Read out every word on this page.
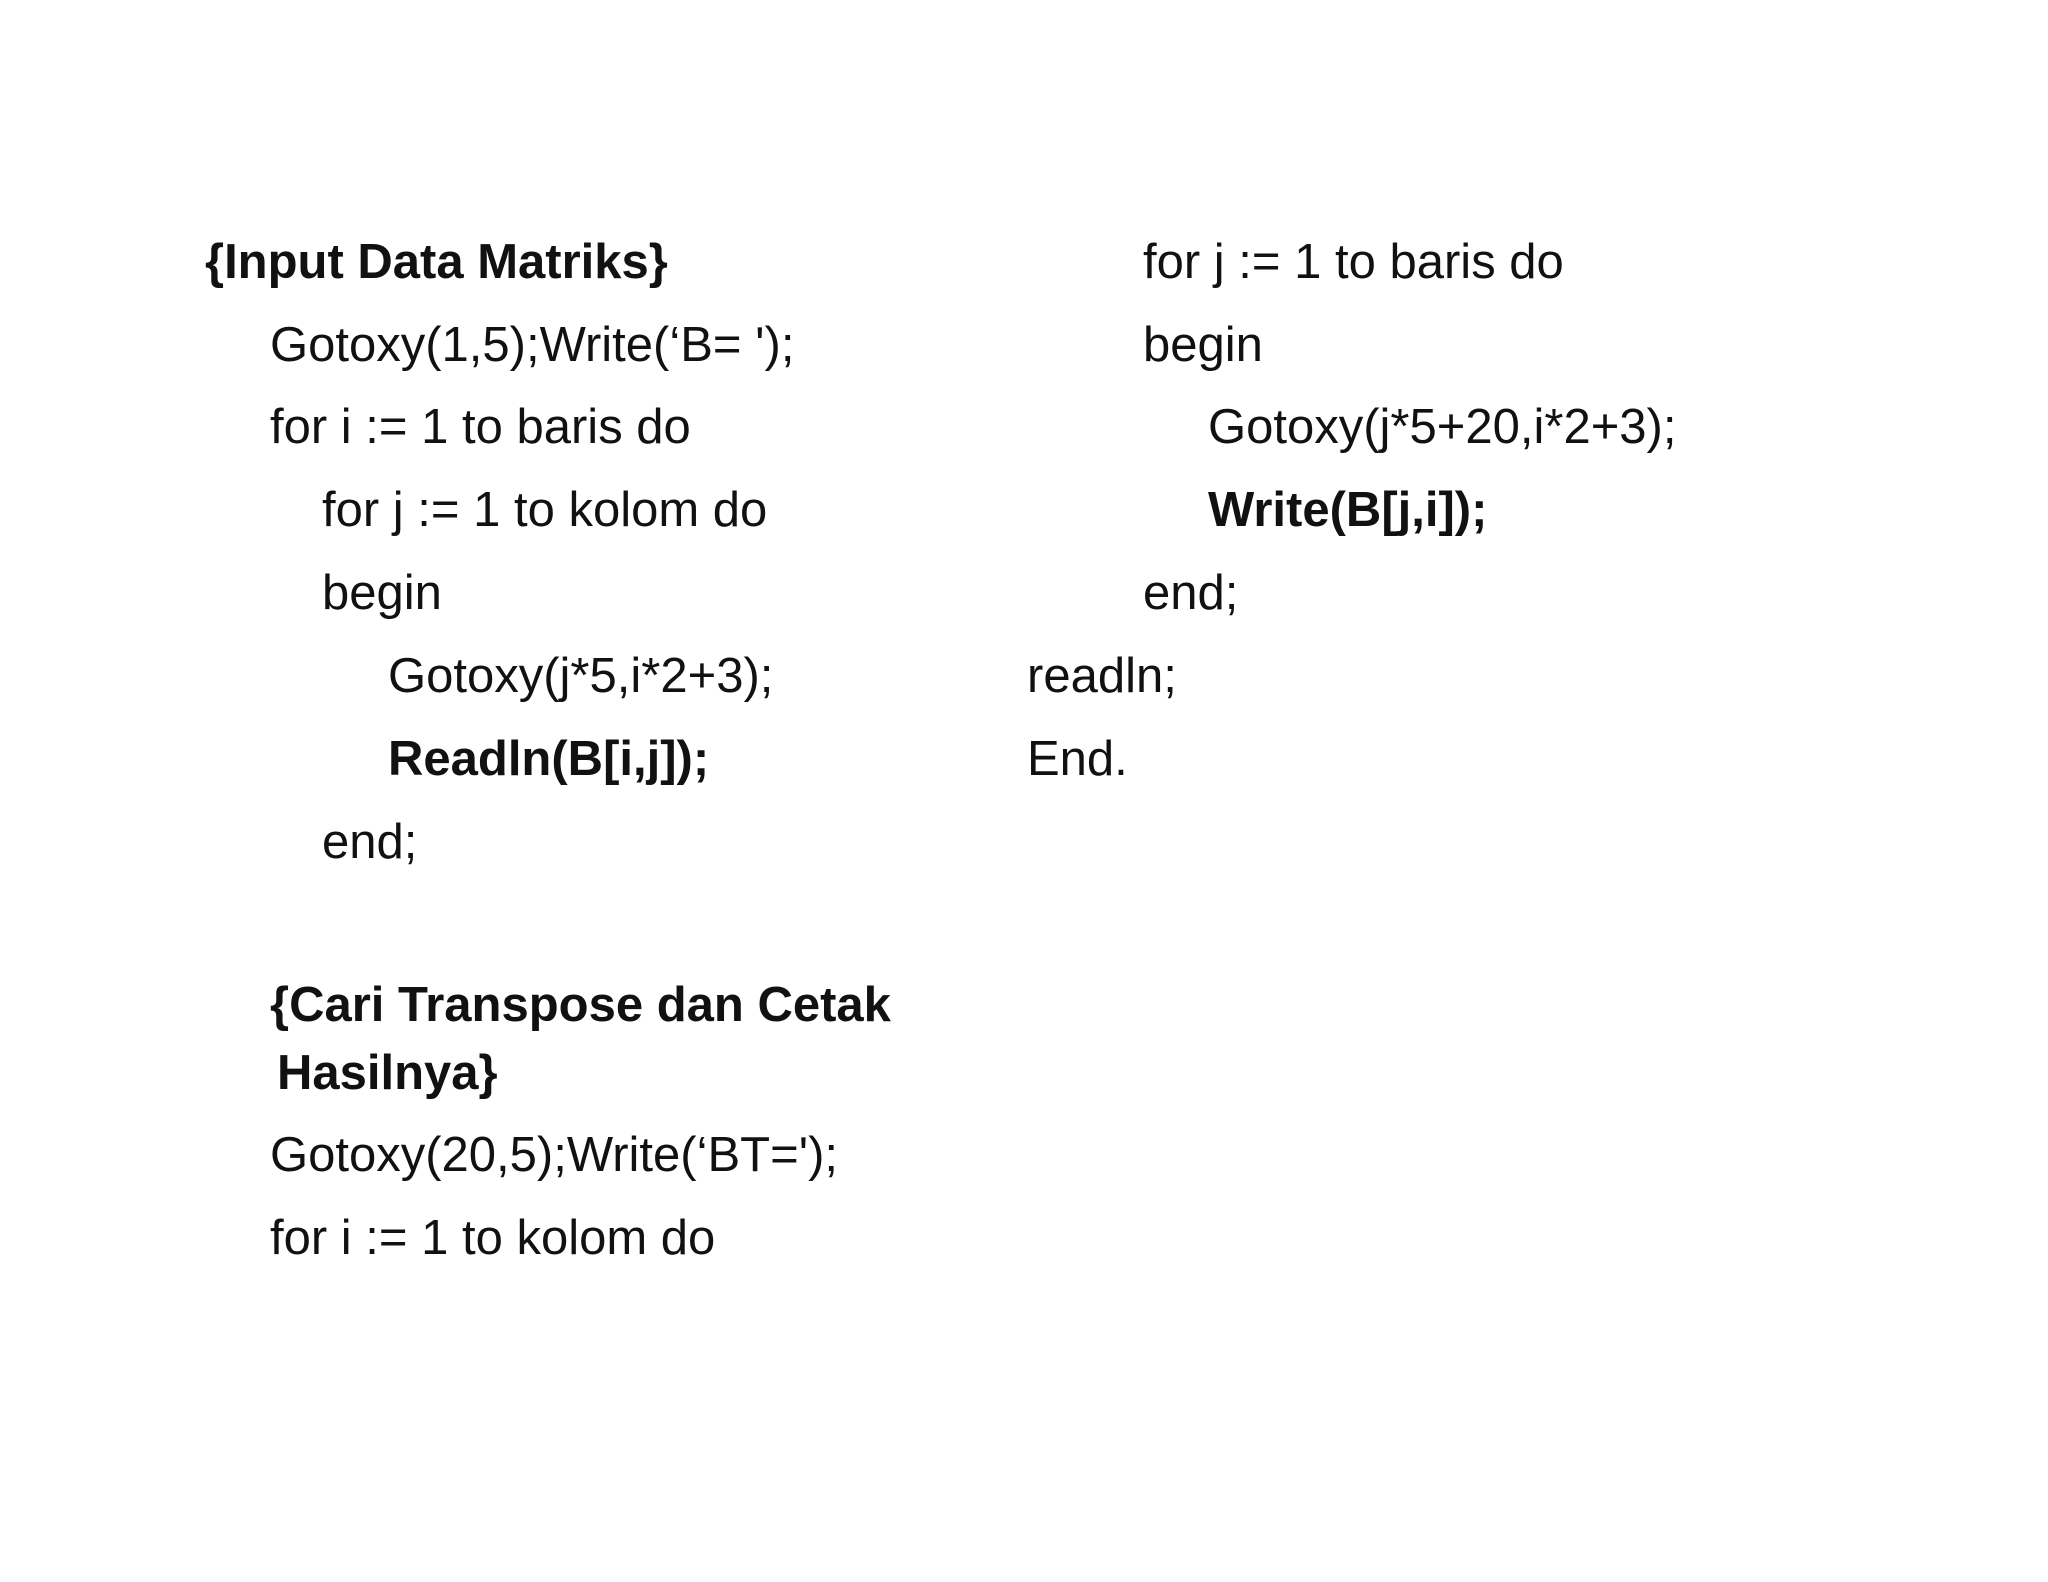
{Input Data Matriks}
Gotoxy(1,5);Write(‘B= ');
for i := 1 to baris do
for j := 1 to kolom do
begin
Gotoxy(j*5,i*2+3);
Readln(B[i,j]);
end;
{Cari Transpose dan Cetak
Hasilnya}
Gotoxy(20,5);Write(‘BT=');
for i := 1 to kolom do
for j := 1 to baris do
begin
Gotoxy(j*5+20,i*2+3);
Write(B[j,i]);
end;
readln;
End.
